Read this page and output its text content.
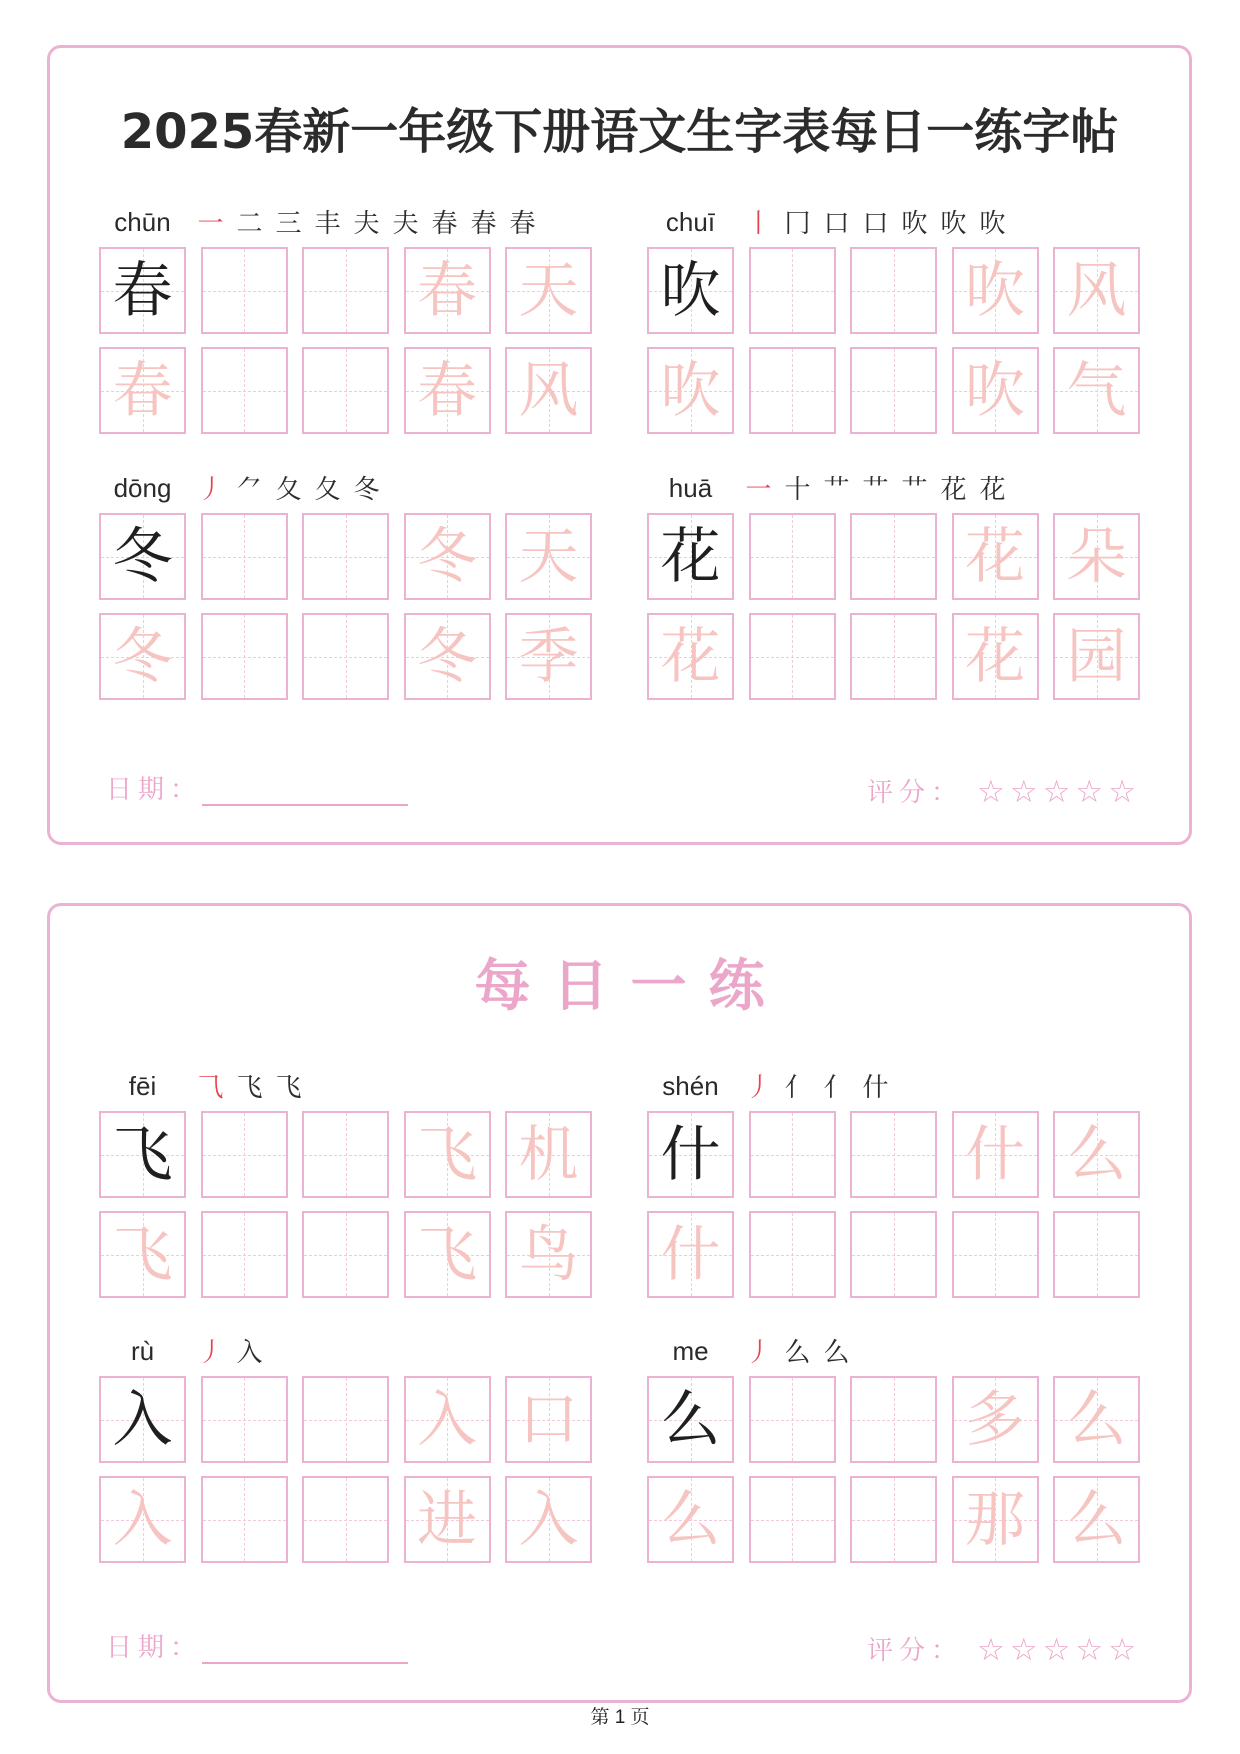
2025春新一年级下册语文生字表每日一练字帖
chūn	一 二 三 丰 夫 夫 春 春 春
春	春 天
春	春 风
chuī	丨 冂 口 口 吹 吹 吹
吹	吹 风
吹	吹 气
dōng	丿 ⺈ 夂 夂 冬
冬	冬 天
冬	冬 季
huā	一 十 艹 艹 艹 花 花
花	花 朵
花	花 园
日期：	评分： ☆☆☆☆☆
每日一练
fēi	⺄ 飞 飞
飞	飞 机
飞	飞 鸟
shén	丿 亻 亻 什
什	什 么
什
rù	丿 入
入	入 口
入	进 入
me	丿 么 么
么	多 么
么	那 么
日期：	评分： ☆☆☆☆☆
第 1 页
